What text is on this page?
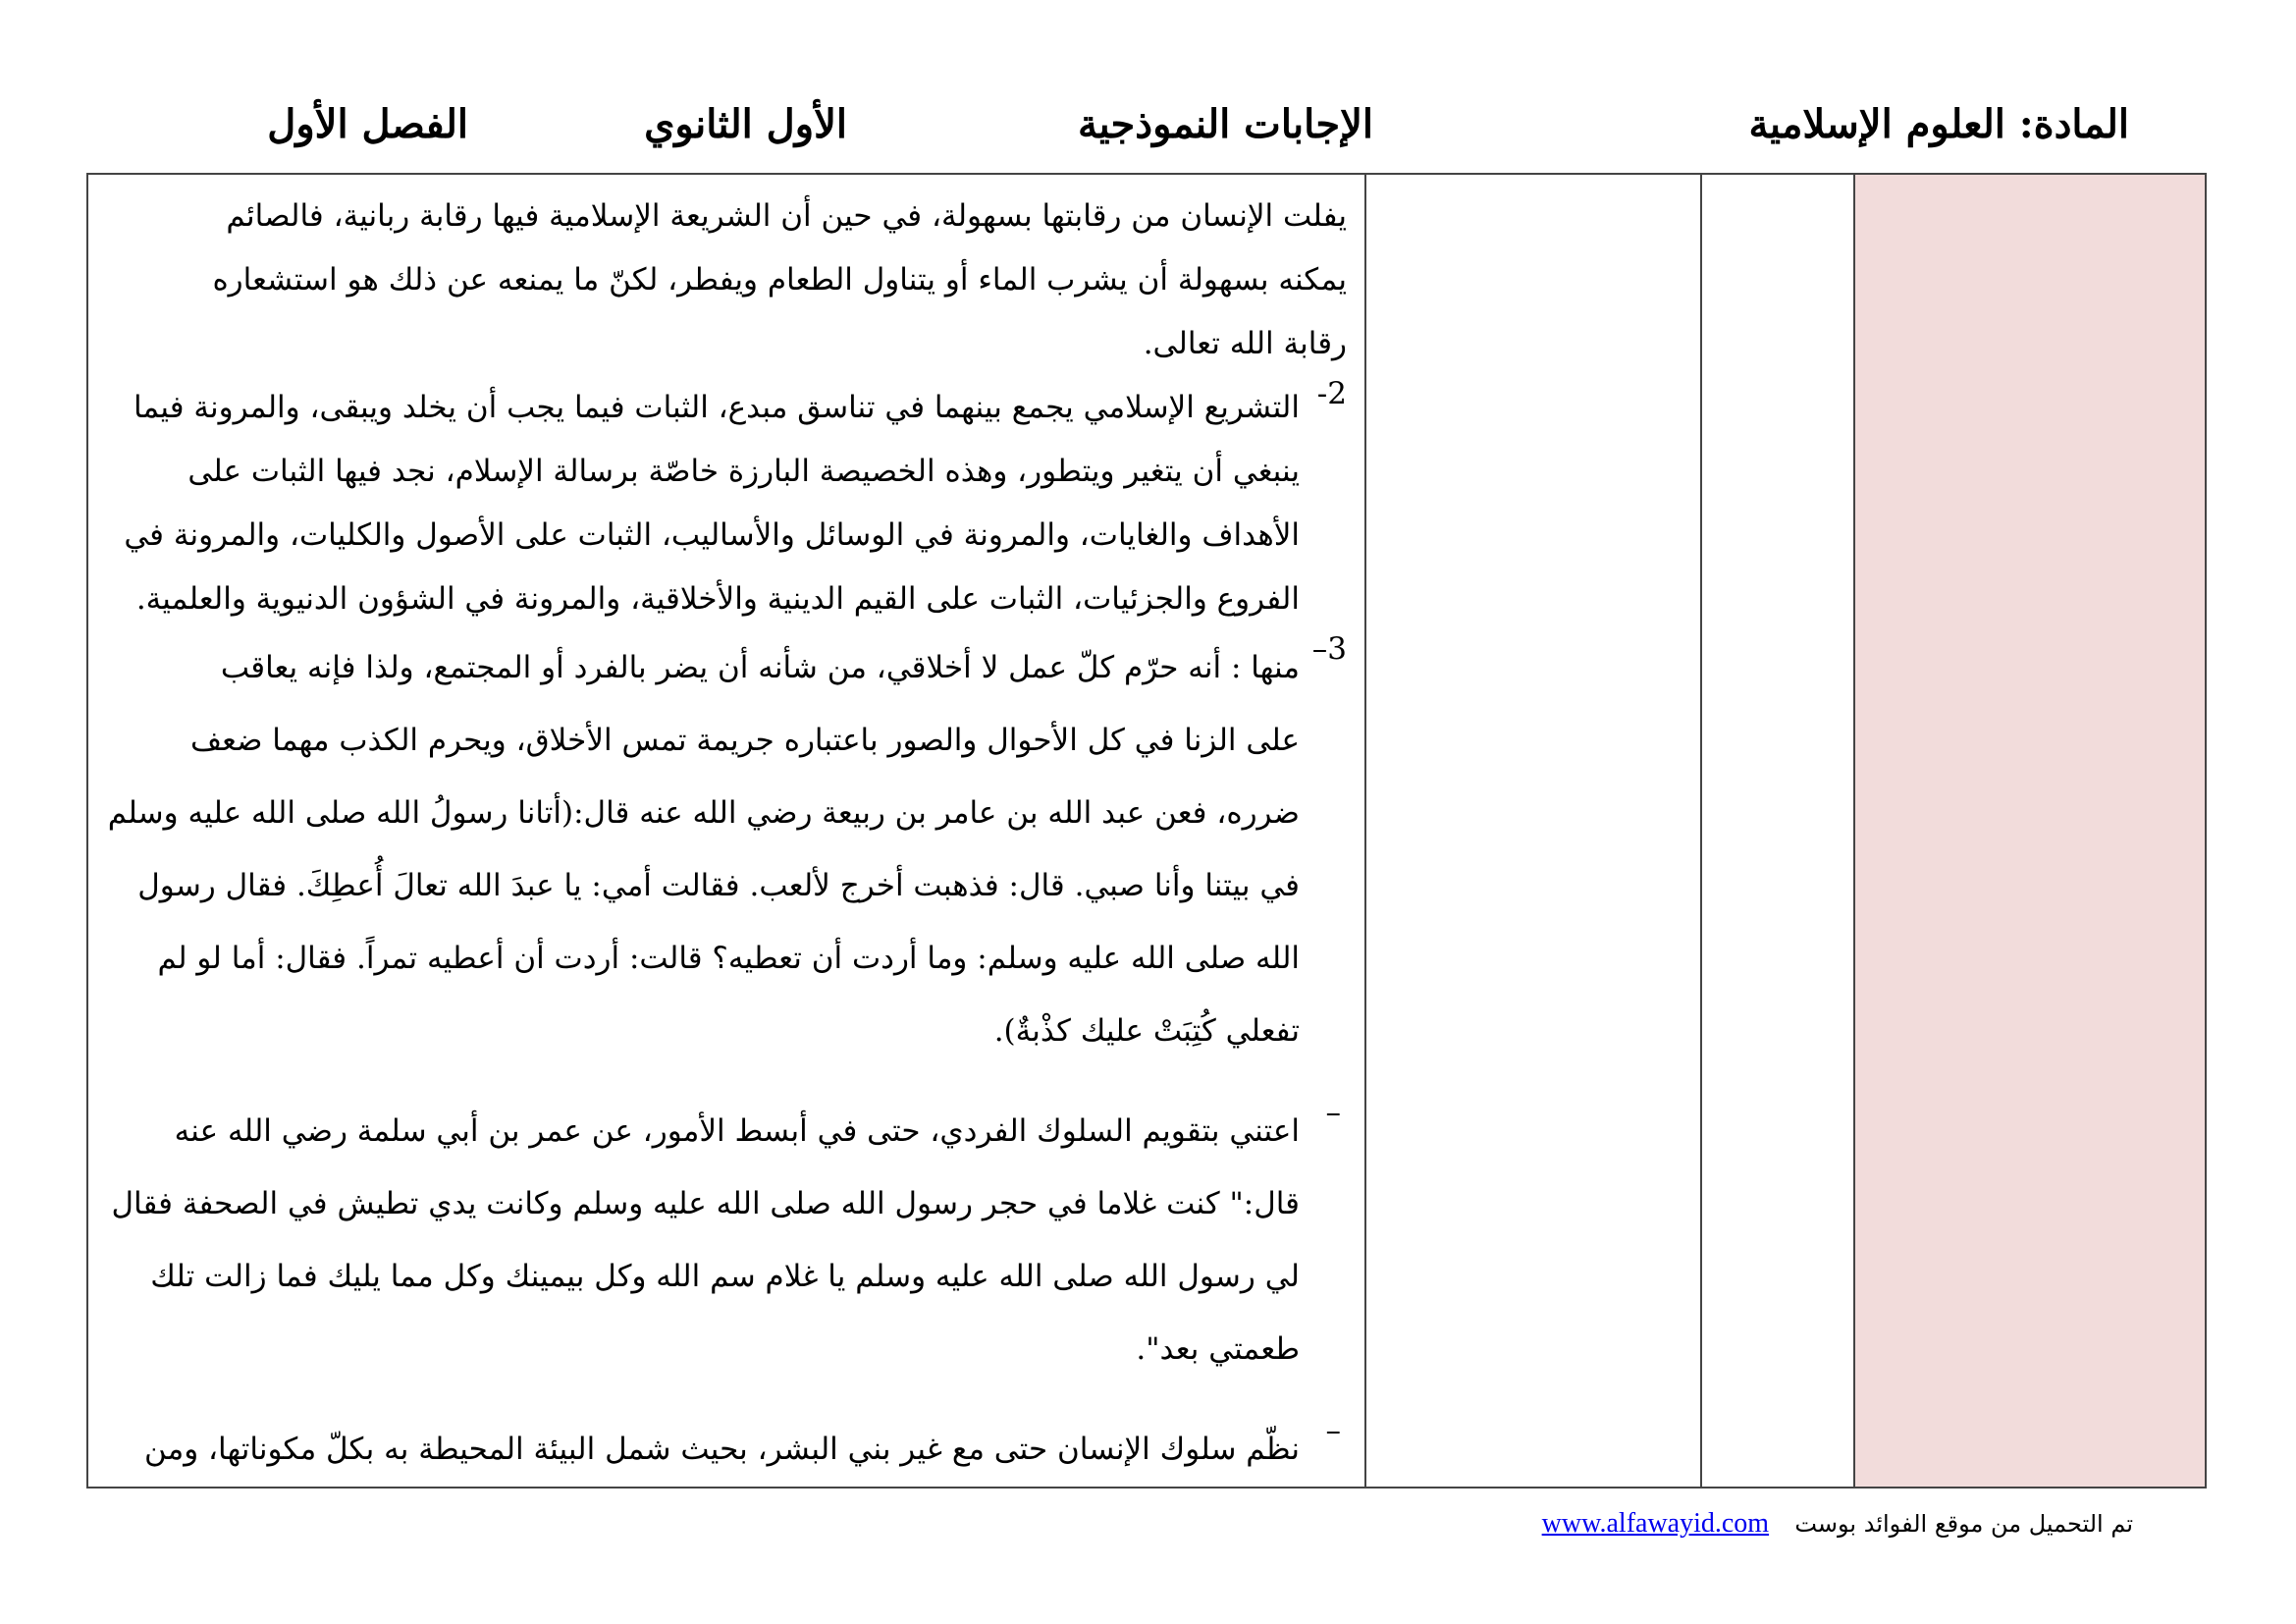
المادة: العلوم الإسلامية
الإجابات النموذجية
الأول الثانوي
الفصل الأول

يفلت الإنسان من رقابتها بسهولة، في حين أن الشريعة الإسلامية فيها رقابة ربانية، فالصائم
يمكنه بسهولة أن يشرب الماء أو يتناول الطعام ويفطر، لكنّ ما يمنعه عن ذلك هو استشعاره
رقابة الله تعالى.

2-

التشريع الإسلامي يجمع بينهما في تناسق مبدع، الثبات فيما يجب أن يخلد ويبقى، والمرونة فيما
ينبغي أن يتغير ويتطور، وهذه الخصيصة البارزة خاصّة برسالة الإسلام، نجد فيها الثبات على
الأهداف والغايات، والمرونة في الوسائل والأساليب، الثبات على الأصول والكليات، والمرونة في
الفروع والجزئيات، الثبات على القيم الدينية والأخلاقية، والمرونة في الشؤون الدنيوية والعلمية.

3–

منها : أنه حرّم كلّ عمل لا أخلاقي، من شأنه أن يضر بالفرد أو المجتمع، ولذا فإنه يعاقب
على الزنا في كل الأحوال والصور باعتباره جريمة تمس الأخلاق، ويحرم الكذب مهما ضعف
ضرره، فعن عبد الله بن عامر بن ربيعة رضي الله عنه قال:(أتانا رسولُ الله صلى الله عليه وسلم
في بيتنا وأنا صبي. قال: فذهبت أخرج لألعب. فقالت أمي: يا عبدَ الله تعالَ أُعطِكَ. فقال رسول
الله صلى الله عليه وسلم: وما أردت أن تعطيه؟ قالت: أردت أن أعطيه تمراً. فقال: أما لو لم
تفعلي كُتِبَتْ عليك كذْبةٌ).

–

اعتني بتقويم السلوك الفردي، حتى في أبسط الأمور، عن عمر بن أبي سلمة رضي الله عنه
قال:" كنت غلاما في حجر رسول الله صلى الله عليه وسلم وكانت يدي تطيش في الصحفة فقال
لي رسول الله صلى الله عليه وسلم يا غلام سم الله وكل بيمينك وكل مما يليك فما زالت تلك
طعمتي بعد".

–

نظّم سلوك الإنسان حتى مع غير بني البشر، بحيث شمل البيئة المحيطة به بكلّ مكوناتها، ومن

تم التحميل من موقع الفوائد بوست www.alfawayid.com
